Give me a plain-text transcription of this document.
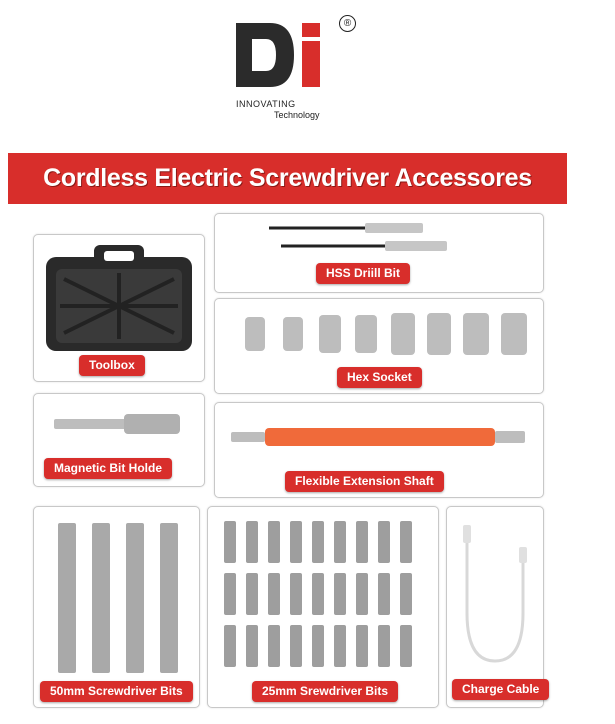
®
INNOVATING
Technology
Cordless Electric Screwdriver Accessores
Toolbox
HSS Driill Bit
Hex Socket
Magnetic Bit Holde
Flexible Extension Shaft
50mm Screwdriver Bits	25mm Srewdriver Bits	Charge Cable
